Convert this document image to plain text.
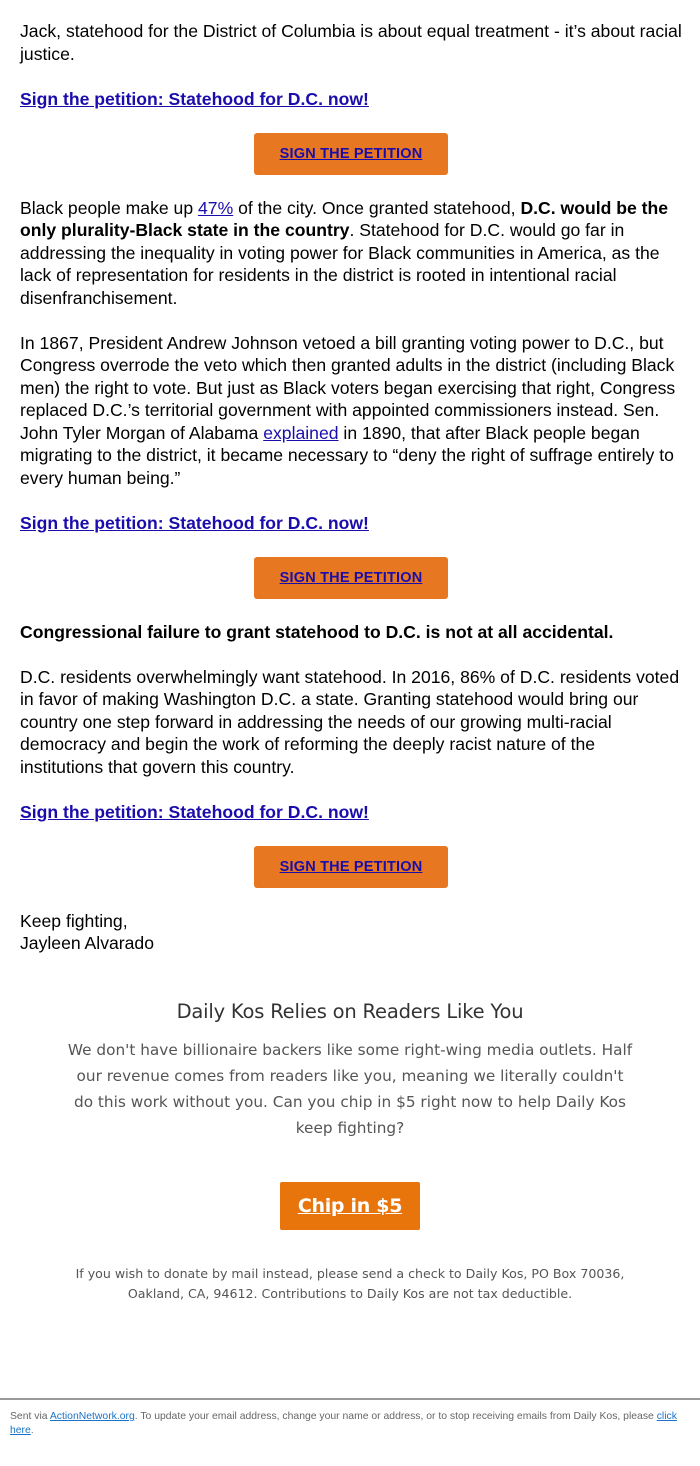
Jack, statehood for the District of Columbia is about equal treatment - it’s about racial justice.

Sign the petition: Statehood for D.C. now!

SIGN THE PETITION

Black people make up 47% of the city. Once granted statehood, D.C. would be the only plurality-Black state in the country. Statehood for D.C. would go far in addressing the inequality in voting power for Black communities in America, as the lack of representation for residents in the district is rooted in intentional racial disenfranchisement.

In 1867, President Andrew Johnson vetoed a bill granting voting power to D.C., but Congress overrode the veto which then granted adults in the district (including Black men) the right to vote. But just as Black voters began exercising that right, Congress replaced D.C.’s territorial government with appointed commissioners instead. Sen. John Tyler Morgan of Alabama explained in 1890, that after Black people began migrating to the district, it became necessary to “deny the right of suffrage entirely to every human being.”

Sign the petition: Statehood for D.C. now!

SIGN THE PETITION

Congressional failure to grant statehood to D.C. is not at all accidental.

D.C. residents overwhelmingly want statehood. In 2016, 86% of D.C. residents voted in favor of making Washington D.C. a state. Granting statehood would bring our country one step forward in addressing the needs of our growing multi-racial democracy and begin the work of reforming the deeply racist nature of the institutions that govern this country.

Sign the petition: Statehood for D.C. now!

SIGN THE PETITION

Keep fighting,
Jayleen Alvarado

Daily Kos Relies on Readers Like You
We don't have billionaire backers like some right-wing media outlets. Half our revenue comes from readers like you, meaning we literally couldn't do this work without you. Can you chip in $5 right now to help Daily Kos keep fighting?
Chip in $5
If you wish to donate by mail instead, please send a check to Daily Kos, PO Box 70036, Oakland, CA, 94612. Contributions to Daily Kos are not tax deductible.
Sent via ActionNetwork.org. To update your email address, change your name or address, or to stop receiving emails from Daily Kos, please click here.
